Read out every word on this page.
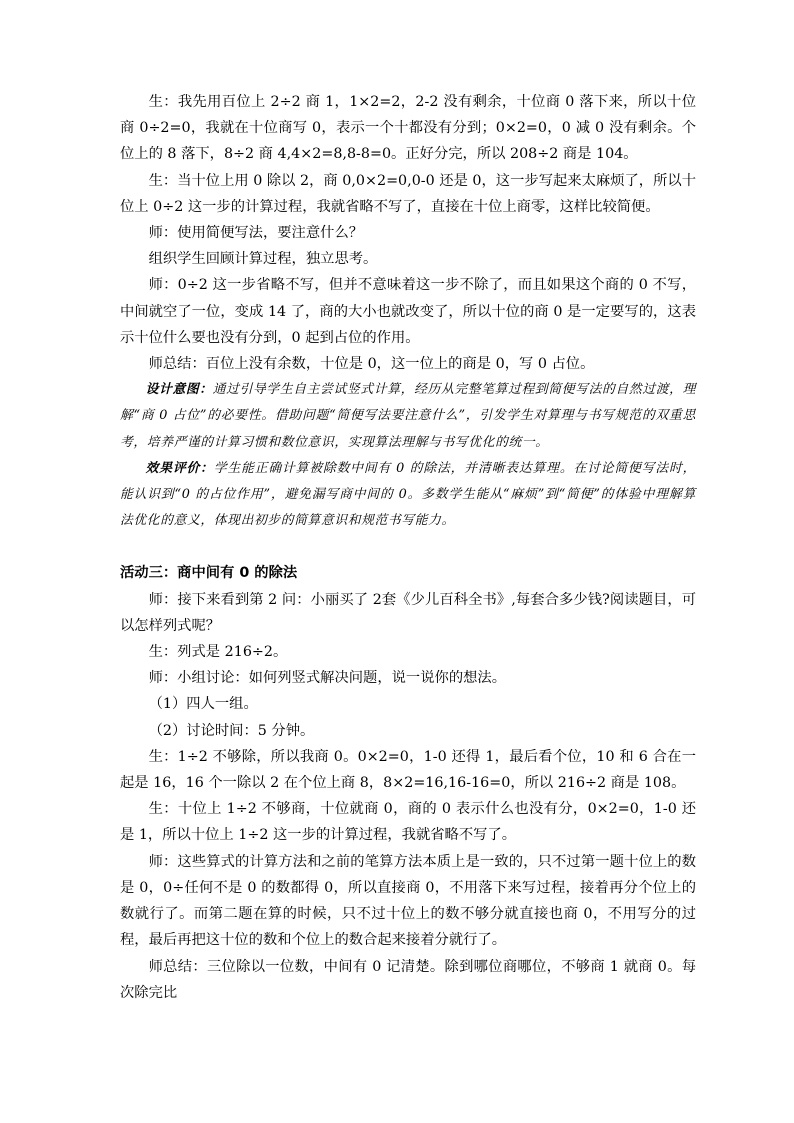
生：我先用百位上 2÷2 商 1，1×2=2，2-2 没有剩余，十位商 0 落下来，所以十位商 0÷2=0，我就在十位商写 0，表示一个十都没有分到；0×2=0，0 减 0 没有剩余。个位上的 8 落下，8÷2 商 4,4×2=8,8-8=0。正好分完，所以 208÷2 商是 104。

生：当十位上用 0 除以 2，商 0,0×2=0,0-0 还是 0，这一步写起来太麻烦了，所以十位上 0÷2 这一步的计算过程，我就省略不写了，直接在十位上商零，这样比较简便。

师：使用简便写法，要注意什么？

组织学生回顾计算过程，独立思考。

师：0÷2 这一步省略不写，但并不意味着这一步不除了，而且如果这个商的 0 不写，中间就空了一位，变成 14 了，商的大小也就改变了，所以十位的商 0 是一定要写的，这表示十位什么要也没有分到，0 起到占位的作用。

师总结：百位上没有余数，十位是 0，这一位上的商是 0，写 0 占位。

设计意图：通过引导学生自主尝试竖式计算，经历从完整笔算过程到简便写法的自然过渡，理解“商 0 占位”的必要性。借助问题“简便写法要注意什么”，引发学生对算理与书写规范的双重思考，培养严谨的计算习惯和数位意识，实现算法理解与书写优化的统一。

效果评价：学生能正确计算被除数中间有 0 的除法，并清晰表达算理。在讨论简便写法时，能认识到“0 的占位作用”，避免漏写商中间的 0。多数学生能从“麻烦”到“简便”的体验中理解算法优化的意义，体现出初步的简算意识和规范书写能力。

活动三：商中间有 0 的除法

师：接下来看到第 2 问：小丽买了 2套《少儿百科全书》,每套合多少钱?阅读题目，可以怎样列式呢？

生：列式是 216÷2。

师：小组讨论：如何列竖式解决问题，说一说你的想法。

（1）四人一组。

（2）讨论时间：5 分钟。

生：1÷2 不够除，所以我商 0。0×2=0，1-0 还得 1，最后看个位，10 和 6 合在一起是 16，16 个一除以 2 在个位上商 8，8×2=16,16-16=0，所以 216÷2 商是 108。

生：十位上 1÷2 不够商，十位就商 0，商的 0 表示什么也没有分，0×2=0，1-0 还是 1，所以十位上 1÷2 这一步的计算过程，我就省略不写了。

师：这些算式的计算方法和之前的笔算方法本质上是一致的，只不过第一题十位上的数是 0，0÷任何不是 0 的数都得 0，所以直接商 0，不用落下来写过程，接着再分个位上的数就行了。而第二题在算的时候，只不过十位上的数不够分就直接也商 0，不用写分的过程，最后再把这十位的数和个位上的数合起来接着分就行了。

师总结：三位除以一位数，中间有 0 记清楚。除到哪位商哪位，不够商 1 就商 0。每次除完比
